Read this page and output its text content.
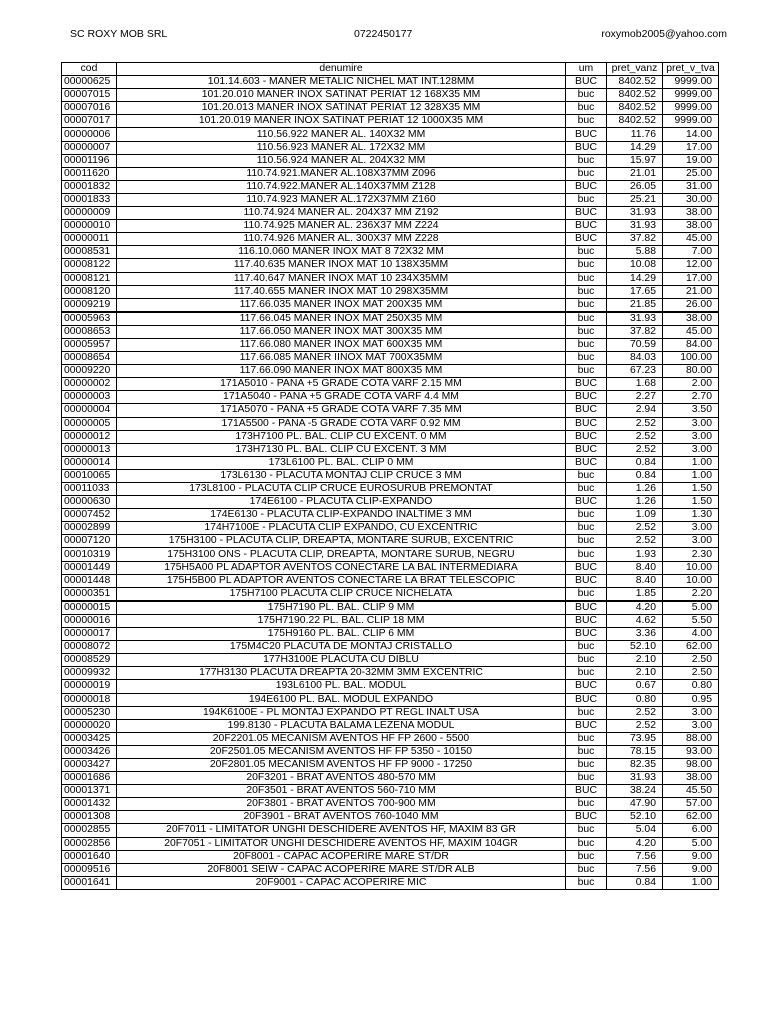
SC ROXY MOB SRL	0722450177	roxymob2005@yahoo.com
cod	denumire	um	pret_vanz	pret_v_tva
00000625	101.14.603 - MANER METALIC NICHEL MAT INT.128MM	BUC	8402.52	9999.00
00007015	101.20.010 MANER INOX SATINAT PERIAT 12 168X35 MM	buc	8402.52	9999.00
00007016	101.20.013 MANER INOX SATINAT PERIAT 12 328X35 MM	buc	8402.52	9999.00
00007017	101.20.019 MANER INOX SATINAT PERIAT 12 1000X35 MM	buc	8402.52	9999.00
00000006	110.56.922 MANER AL. 140X32 MM	BUC	11.76	14.00
00000007	110.56.923 MANER AL. 172X32 MM	BUC	14.29	17.00
00001196	110.56.924 MANER AL. 204X32 MM	buc	15.97	19.00
00011620	110.74.921.MANER AL.108X37MM Z096	buc	21.01	25.00
00001832	110.74.922.MANER AL.140X37MM Z128	BUC	26.05	31.00
00001833	110.74.923 MANER AL.172X37MM Z160	buc	25.21	30.00
00000009	110.74.924 MANER AL. 204X37 MM Z192	BUC	31.93	38.00
00000010	110.74.925 MANER AL. 236X37 MM Z224	BUC	31.93	38.00
00000011	110.74.926 MANER AL. 300X37 MM Z228	BUC	37.82	45.00
00008531	116.10.060 MANER INOX MAT 8 72X32 MM	buc	5.88	7.00
00008122	117.40.635 MANER INOX MAT 10 138X35MM	buc	10.08	12.00
00008121	117.40.647 MANER INOX MAT 10 234X35MM	buc	14.29	17.00
00008120	117.40.655 MANER INOX MAT 10 298X35MM	buc	17.65	21.00
00009219	117.66.035 MANER INOX MAT 200X35 MM	buc	21.85	26.00
00005963	117.66.045 MANER INOX MAT 250X35 MM	buc	31.93	38.00
00008653	117.66.050 MANER INOX MAT 300X35 MM	buc	37.82	45.00
00005957	117.66.080 MANER INOX MAT 600X35 MM	buc	70.59	84.00
00008654	117.66.085 MANER IINOX MAT 700X35MM	buc	84.03	100.00
00009220	117.66.090 MANER INOX MAT 800X35 MM	buc	67.23	80.00
00000002	171A5010 - PANA +5 GRADE COTA VARF 2.15 MM	BUC	1.68	2.00
00000003	171A5040 - PANA +5 GRADE COTA VARF 4.4 MM	BUC	2.27	2.70
00000004	171A5070 - PANA +5 GRADE COTA VARF 7.35 MM	BUC	2.94	3.50
00000005	171A5500 - PANA -5 GRADE COTA VARF 0.92 MM	BUC	2.52	3.00
00000012	173H7100 PL. BAL. CLIP CU EXCENT. 0 MM	BUC	2.52	3.00
00000013	173H7130 PL. BAL. CLIP CU EXCENT. 3 MM	BUC	2.52	3.00
00000014	173L6100 PL. BAL. CLIP 0 MM	BUC	0.84	1.00
00010065	173L6130 - PLACUTA MONTAJ CLIP CRUCE 3 MM	buc	0.84	1.00
00011033	173L8100 - PLACUTA CLIP CRUCE EUROSURUB PREMONTAT	buc	1.26	1.50
00000630	174E6100 - PLACUTA CLIP-EXPANDO	BUC	1.26	1.50
00007452	174E6130 - PLACUTA CLIP-EXPANDO INALTIME 3 MM	buc	1.09	1.30
00002899	174H7100E - PLACUTA CLIP EXPANDO, CU EXCENTRIC	buc	2.52	3.00
00007120	175H3100 - PLACUTA CLIP, DREAPTA, MONTARE SURUB, EXCENTRIC	buc	2.52	3.00
00010319	175H3100 ONS - PLACUTA CLIP, DREAPTA, MONTARE SURUB, NEGRU	buc	1.93	2.30
00001449	175H5A00 PL ADAPTOR AVENTOS CONECTARE LA BAL INTERMEDIARA	BUC	8.40	10.00
00001448	175H5B00 PL ADAPTOR AVENTOS CONECTARE LA BRAT TELESCOPIC	BUC	8.40	10.00
00000351	175H7100 PLACUTA CLIP CRUCE NICHELATA	buc	1.85	2.20
00000015	175H7190 PL. BAL. CLIP 9 MM	BUC	4.20	5.00
00000016	175H7190.22 PL. BAL. CLIP 18 MM	BUC	4.62	5.50
00000017	175H9160 PL. BAL. CLIP 6 MM	BUC	3.36	4.00
00008072	175M4C20 PLACUTA DE MONTAJ CRISTALLO	buc	52.10	62.00
00008529	177H3100E PLACUTA CU DIBLU	buc	2.10	2.50
00009932	177H3130 PLACUTA DREAPTA 20-32MM 3MM EXCENTRIC	buc	2.10	2.50
00000019	193L6100 PL. BAL. MODUL	BUC	0.67	0.80
00000018	194E6100 PL. BAL. MODUL EXPANDO	BUC	0.80	0.95
00005230	194K6100E - PL MONTAJ EXPANDO PT REGL INALT USA	buc	2.52	3.00
00000020	199.8130 - PLACUTA BALAMA LEZENA MODUL	BUC	2.52	3.00
00003425	20F2201.05 MECANISM AVENTOS HF FP 2600 - 5500	buc	73.95	88.00
00003426	20F2501.05 MECANISM AVENTOS HF FP 5350 - 10150	buc	78.15	93.00
00003427	20F2801.05 MECANISM AVENTOS HF FP 9000 - 17250	buc	82.35	98.00
00001686	20F3201 - BRAT AVENTOS 480-570 MM	buc	31.93	38.00
00001371	20F3501 - BRAT AVENTOS 560-710 MM	BUC	38.24	45.50
00001432	20F3801 - BRAT AVENTOS 700-900 MM	buc	47.90	57.00
00001308	20F3901 - BRAT AVENTOS 760-1040 MM	BUC	52.10	62.00
00002855	20F7011 - LIMITATOR UNGHI DESCHIDERE AVENTOS HF, MAXIM 83 GR	buc	5.04	6.00
00002856	20F7051 - LIMITATOR UNGHI DESCHIDERE AVENTOS HF, MAXIM 104GR	buc	4.20	5.00
00001640	20F8001 - CAPAC ACOPERIRE MARE ST/DR	buc	7.56	9.00
00009516	20F8001 SEIW - CAPAC ACOPERIRE MARE ST/DR ALB	buc	7.56	9.00
00001641	20F9001 - CAPAC ACOPERIRE MIC	buc	0.84	1.00
